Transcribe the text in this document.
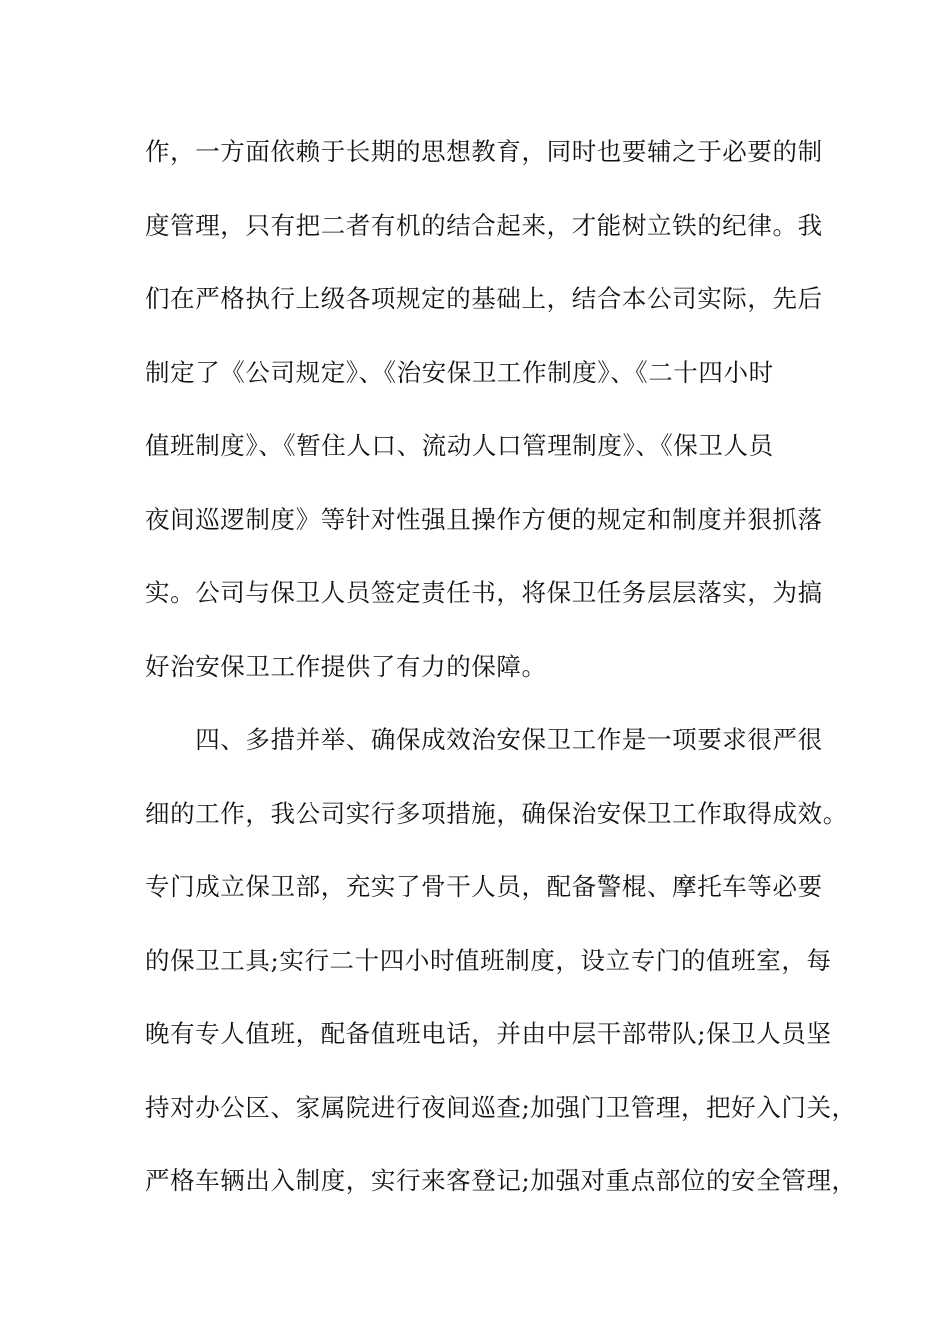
作，一方面依赖于长期的思想教育，同时也要辅之于必要的制
度管理，只有把二者有机的结合起来，才能树立铁的纪律。我
们在严格执行上级各项规定的基础上，结合本公司实际，先后
制定了《公司规定》、《治安保卫工作制度》、《二十四小时
值班制度》、《暂住人口、流动人口管理制度》、《保卫人员
夜间巡逻制度》等针对性强且操作方便的规定和制度并狠抓落
实。公司与保卫人员签定责任书，将保卫任务层层落实，为搞
好治安保卫工作提供了有力的保障。
　　四、多措并举、确保成效治安保卫工作是一项要求很严很
细的工作，我公司实行多项措施，确保治安保卫工作取得成效。
专门成立保卫部，充实了骨干人员，配备警棍、摩托车等必要
的保卫工具;实行二十四小时值班制度，设立专门的值班室，每
晚有专人值班，配备值班电话，并由中层干部带队;保卫人员坚
持对办公区、家属院进行夜间巡查;加强门卫管理，把好入门关，
严格车辆出入制度，实行来客登记;加强对重点部位的安全管理，
